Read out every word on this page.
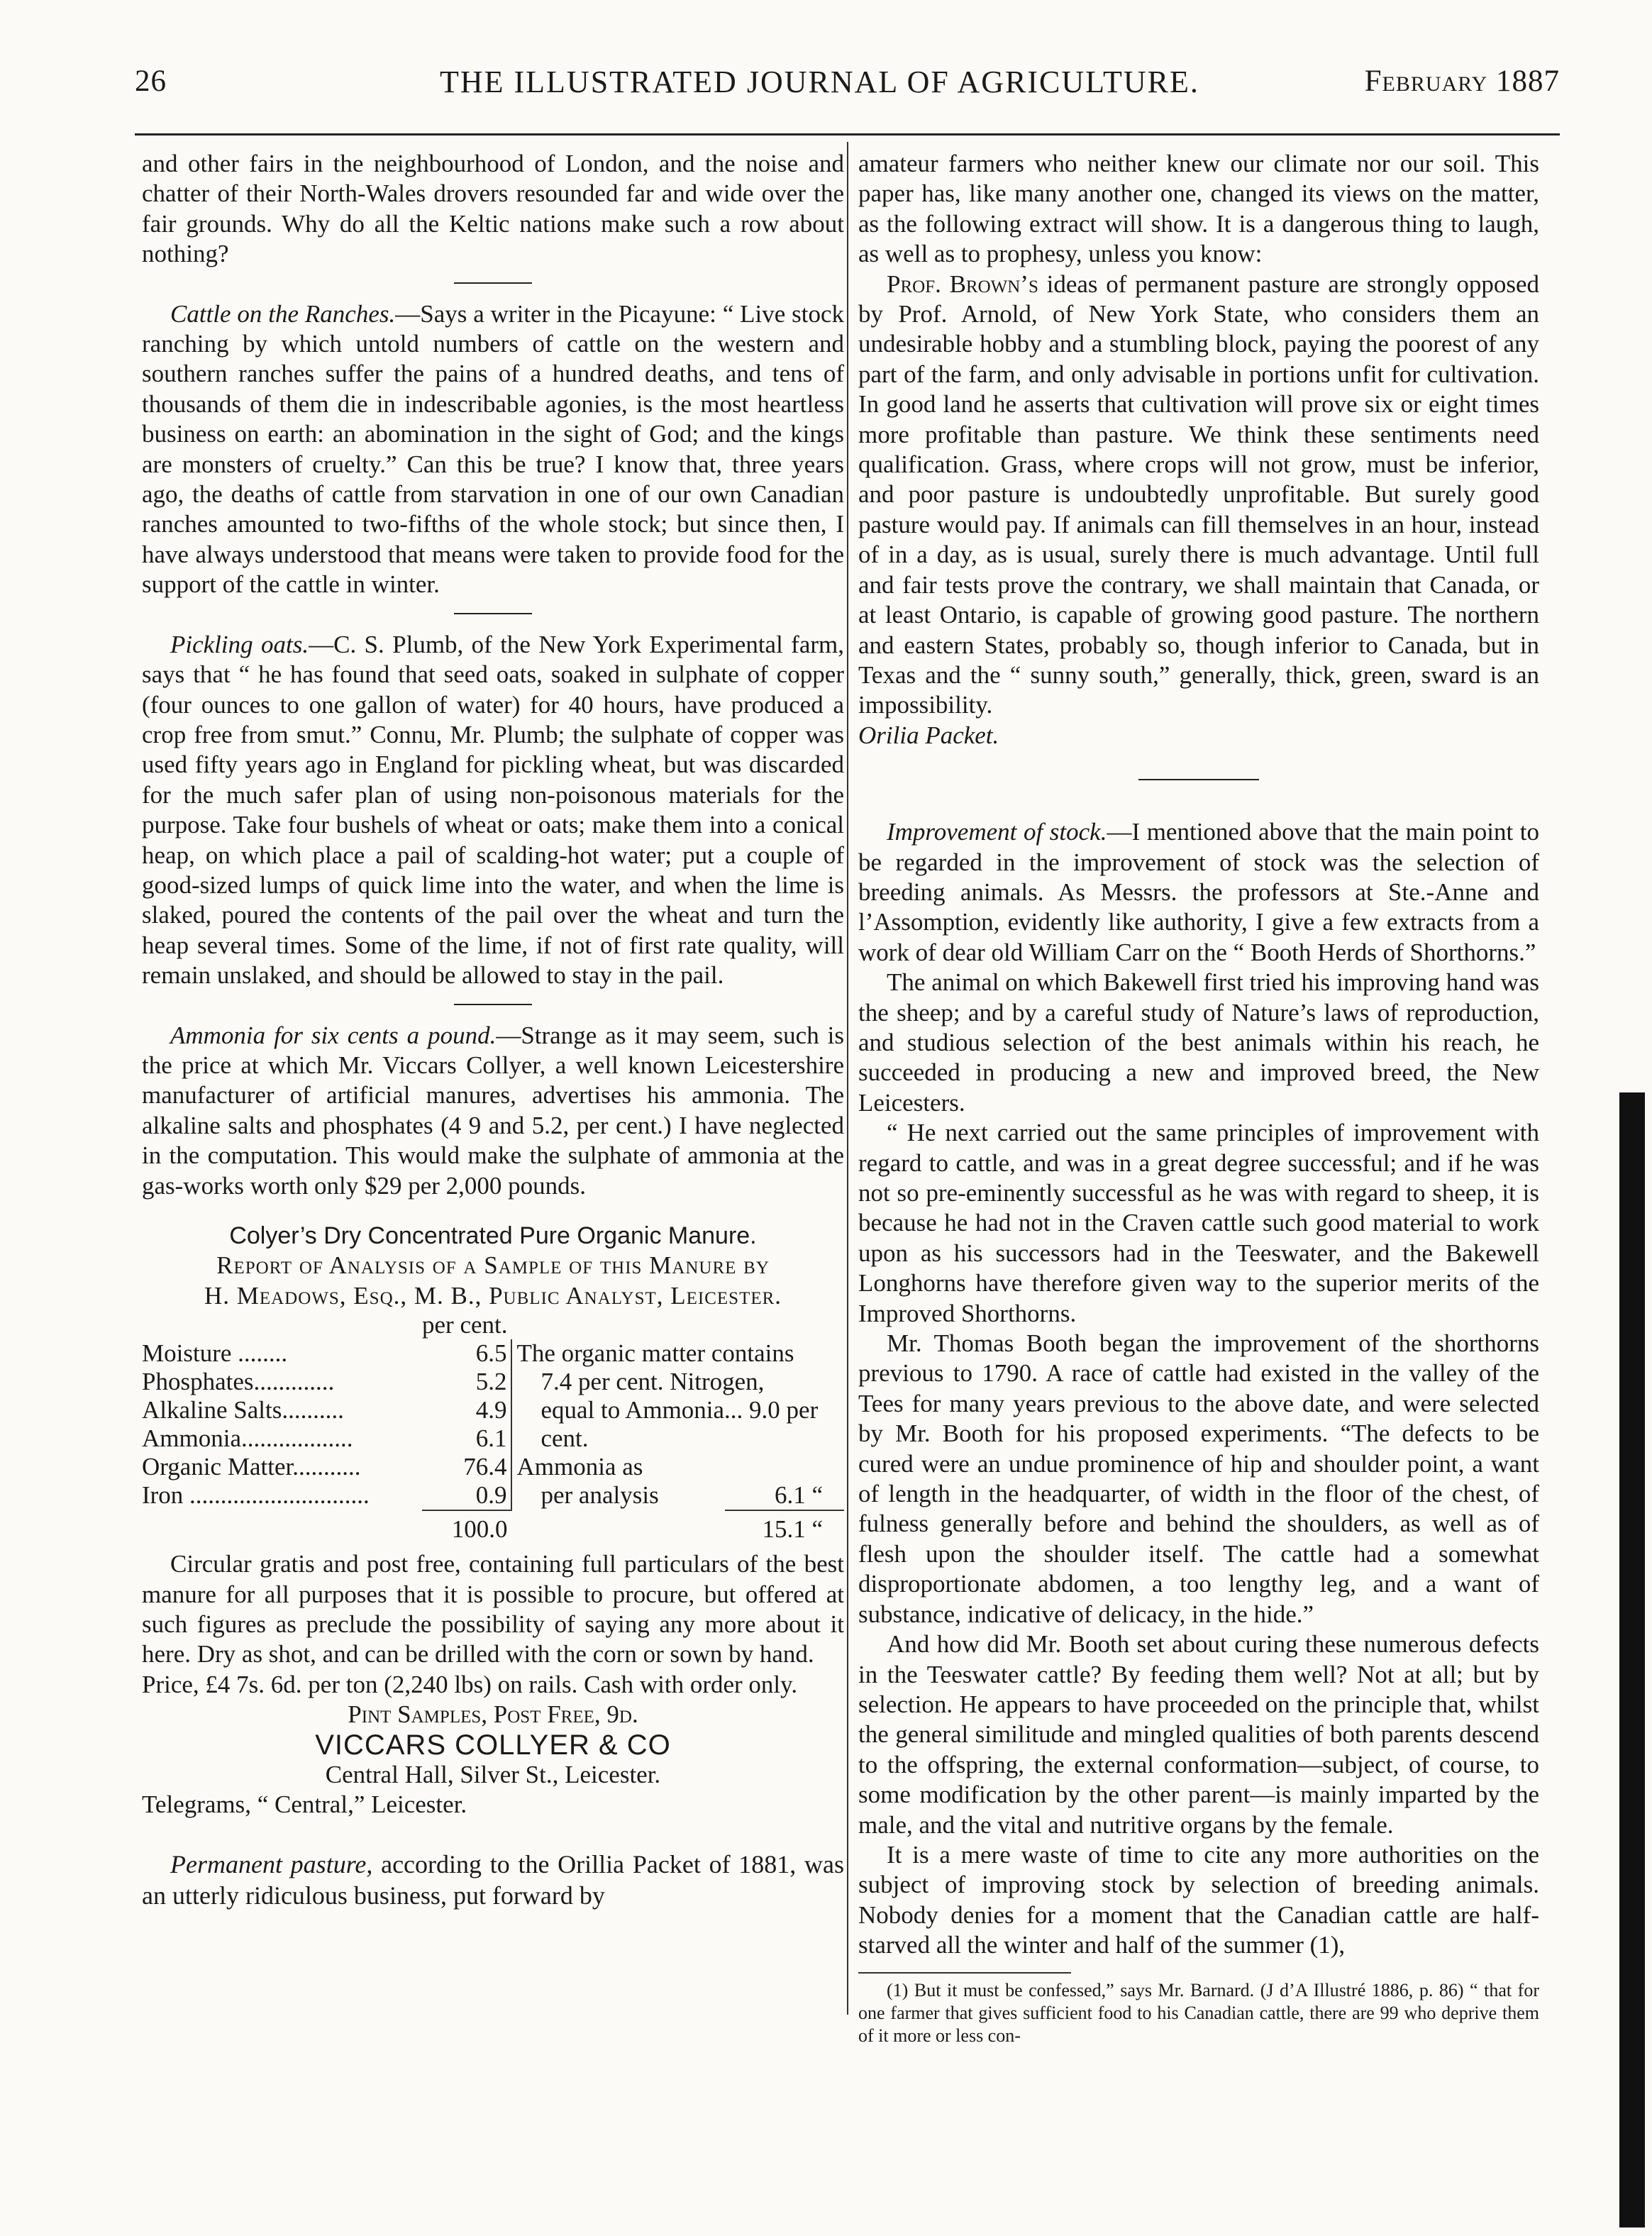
26	THE ILLUSTRATED JOURNAL OF AGRICULTURE.	February 1887

and other fairs in the neighbourhood of London, and the noise and chatter of their North-Wales drovers resounded far and wide over the fair grounds. Why do all the Keltic nations make such a row about nothing?

Cattle on the Ranches.—Says a writer in the Picayune: “ Live stock ranching by which untold numbers of cattle on the western and southern ranches suffer the pains of a hundred deaths, and tens of thousands of them die in indescribable agonies, is the most heartless business on earth: an abomination in the sight of God; and the kings are monsters of cruelty.” Can this be true? I know that, three years ago, the deaths of cattle from starvation in one of our own Canadian ranches amounted to two-fifths of the whole stock; but since then, I have always understood that means were taken to provide food for the support of the cattle in winter.

Pickling oats.—C. S. Plumb, of the New York Experimental farm, says that “ he has found that seed oats, soaked in sulphate of copper (four ounces to one gallon of water) for 40 hours, have produced a crop free from smut.” Connu, Mr. Plumb; the sulphate of copper was used fifty years ago in England for pickling wheat, but was discarded for the much safer plan of using non-poisonous materials for the purpose. Take four bushels of wheat or oats; make them into a conical heap, on which place a pail of scalding-hot water; put a couple of good-sized lumps of quick lime into the water, and when the lime is slaked, poured the contents of the pail over the wheat and turn the heap several times. Some of the lime, if not of first rate quality, will remain unslaked, and should be allowed to stay in the pail.

Ammonia for six cents a pound.—Strange as it may seem, such is the price at which Mr. Viccars Collyer, a well known Leicestershire manufacturer of artificial manures, advertises his ammonia. The alkaline salts and phosphates (4 9 and 5.2, per cent.) I have neglected in the computation. This would make the sulphate of ammonia at the gas-works worth only $29 per 2,000 pounds.

Colyer’s Dry Concentrated Pure Organic Manure.

Report of Analysis of a Sample of this Manure by

H. Meadows, Esq., M. B., Public Analyst, Leicester.

	per cent.		
Moisture ........	6.5	The organic matter contains	
Phosphates.............	5.2	7.4 per cent. Nitrogen,	
Alkaline Salts..........	4.9	equal to Ammonia... 9.0 per	
Ammonia..................	6.1	cent.	
Organic Matter...........	76.4	Ammonia as	
Iron .............................	0.9	per analysis	6.1 “
	100.0		15.1 “

Circular gratis and post free, containing full particulars of the best manure for all purposes that it is possible to procure, but offered at such figures as preclude the possibility of saying any more about it here. Dry as shot, and can be drilled with the corn or sown by hand.

Price, £4 7s. 6d. per ton (2,240 lbs) on rails. Cash with order only.

Pint Samples, Post Free, 9d.

VICCARS COLLYER & CO

Central Hall, Silver St., Leicester.

Telegrams, “ Central,” Leicester.

Permanent pasture, according to the Orillia Packet of 1881, was an utterly ridiculous business, put forward by

amateur farmers who neither knew our climate nor our soil. This paper has, like many another one, changed its views on the matter, as the following extract will show. It is a dangerous thing to laugh, as well as to prophesy, unless you know:

Prof. Brown’s ideas of permanent pasture are strongly opposed by Prof. Arnold, of New York State, who considers them an undesirable hobby and a stumbling block, paying the poorest of any part of the farm, and only advisable in portions unfit for cultivation. In good land he asserts that cultivation will prove six or eight times more profitable than pasture. We think these sentiments need qualification. Grass, where crops will not grow, must be inferior, and poor pasture is undoubtedly unprofitable. But surely good pasture would pay. If animals can fill themselves in an hour, instead of in a day, as is usual, surely there is much advantage. Until full and fair tests prove the contrary, we shall maintain that Canada, or at least Ontario, is capable of growing good pasture. The northern and eastern States, probably so, though inferior to Canada, but in Texas and the “ sunny south,” generally, thick, green, sward is an impossibility.

Orilia Packet.

Improvement of stock.—I mentioned above that the main point to be regarded in the improvement of stock was the selection of breeding animals. As Messrs. the professors at Ste.-Anne and l’Assomption, evidently like authority, I give a few extracts from a work of dear old William Carr on the “ Booth Herds of Shorthorns.”

The animal on which Bakewell first tried his improving hand was the sheep; and by a careful study of Nature’s laws of reproduction, and studious selection of the best animals within his reach, he succeeded in producing a new and improved breed, the New Leicesters.

“ He next carried out the same principles of improvement with regard to cattle, and was in a great degree successful; and if he was not so pre-eminently successful as he was with regard to sheep, it is because he had not in the Craven cattle such good material to work upon as his successors had in the Teeswater, and the Bakewell Longhorns have therefore given way to the superior merits of the Improved Shorthorns.

Mr. Thomas Booth began the improvement of the shorthorns previous to 1790. A race of cattle had existed in the valley of the Tees for many years previous to the above date, and were selected by Mr. Booth for his proposed experiments. “The defects to be cured were an undue prominence of hip and shoulder point, a want of length in the headquarter, of width in the floor of the chest, of fulness generally before and behind the shoulders, as well as of flesh upon the shoulder itself. The cattle had a somewhat disproportionate abdomen, a too lengthy leg, and a want of substance, indicative of delicacy, in the hide.”

And how did Mr. Booth set about curing these numerous defects in the Teeswater cattle? By feeding them well? Not at all; but by selection. He appears to have proceeded on the principle that, whilst the general similitude and mingled qualities of both parents descend to the offspring, the external conformation—subject, of course, to some modification by the other parent—is mainly imparted by the male, and the vital and nutritive organs by the female.

It is a mere waste of time to cite any more authorities on the subject of improving stock by selection of breeding animals. Nobody denies for a moment that the Canadian cattle are half-starved all the winter and half of the summer (1),

(1) But it must be confessed,” says Mr. Barnard. (J d’A Illustré 1886, p. 86) “ that for one farmer that gives sufficient food to his Canadian cattle, there are 99 who deprive them of it more or less con-
